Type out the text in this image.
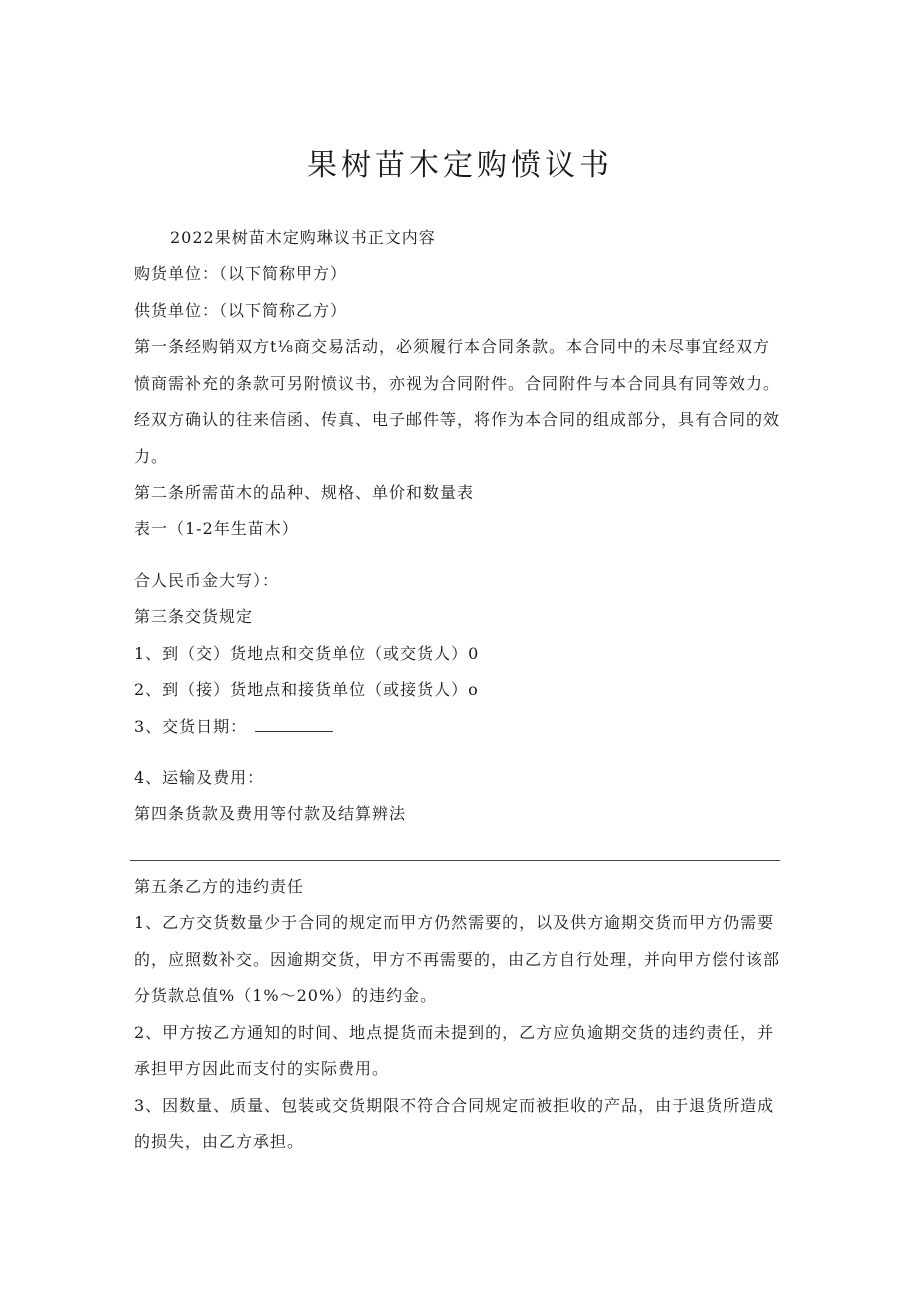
果树苗木定购愤议书
2022果树苗木定购琳议书正文内容
购货单位：（以下简称甲方）
供货单位：（以下简称乙方）
第一条经购销双方t⅛商交易活动，必须履行本合同条款。本合同中的未尽事宜经双方
愤商需补充的条款可另附愤议书，亦视为合同附件。合同附件与本合同具有同等效力。
经双方确认的往来信函、传真、电子邮件等，将作为本合同的组成部分，具有合同的效
力。
第二条所需苗木的品种、规格、单价和数量表
表一（1-2年生苗木）
合人民币金大写）：
第三条交货规定
1、到（交）货地点和交货单位（或交货人）0
2、到（接）货地点和接货单位（或接货人）o
3、交货日期：
4、运输及费用：
第四条货款及费用等付款及结算辨法
第五条乙方的违约责任
1、乙方交货数量少于合同的规定而甲方仍然需要的，以及供方逾期交货而甲方仍需要
的，应照数补交。因逾期交货，甲方不再需要的，由乙方自行处理，并向甲方偿付该部
分货款总值%（1%～20%）的违约金。
2、甲方按乙方通知的时间、地点提货而未提到的，乙方应负逾期交货的违约责任，并
承担甲方因此而支付的实际费用。
3、因数量、质量、包装或交货期限不符合合同规定而被拒收的产品，由于退货所造成
的损失，由乙方承担。
